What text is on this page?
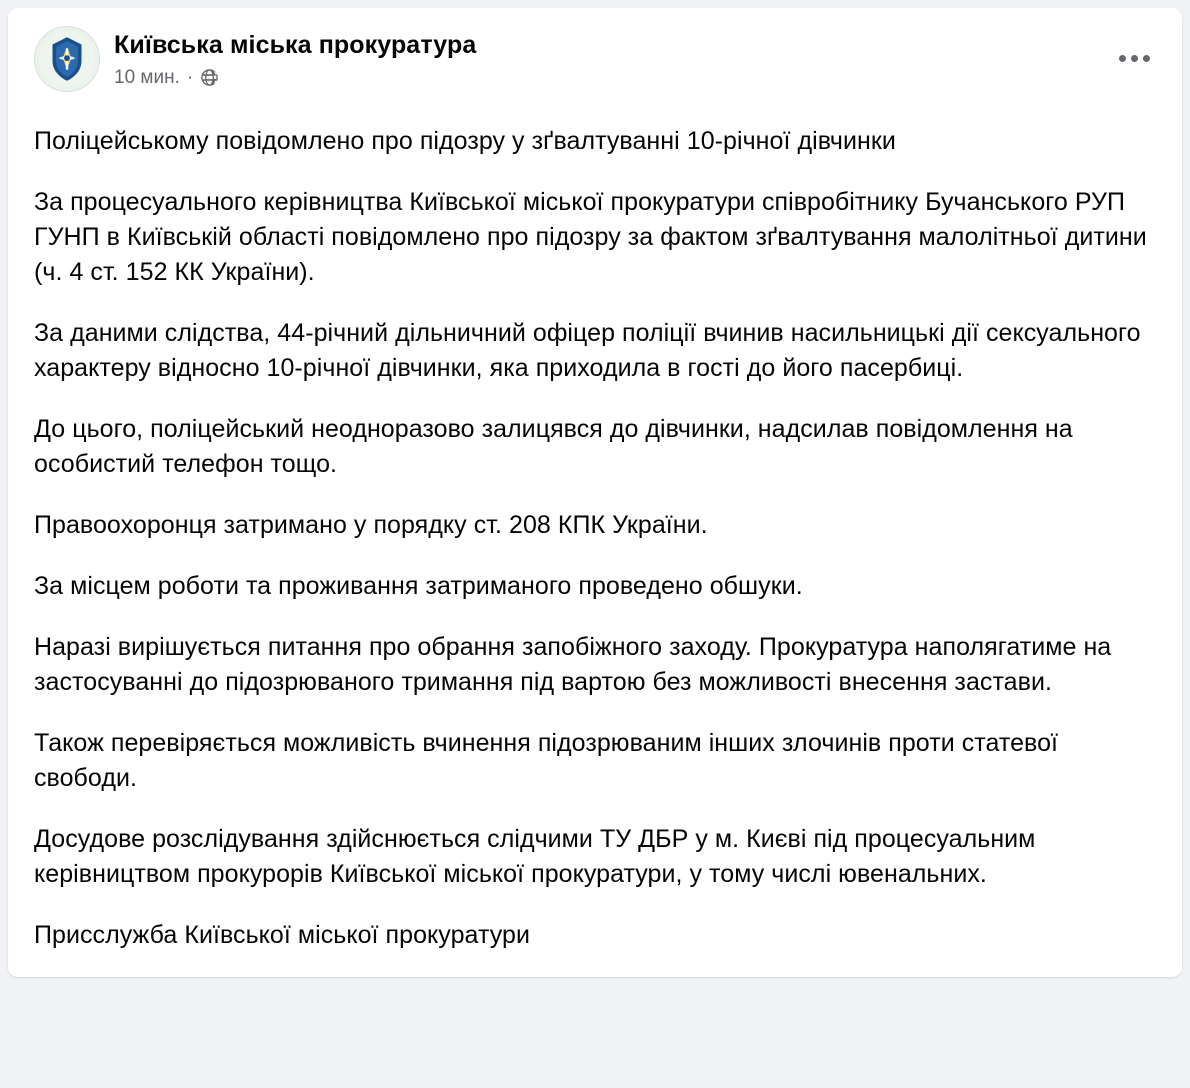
Київська міська прокуратура
10 мин. ·

Поліцейському повідомлено про підозру у зґвалтуванні 10-річної дівчинки

За процесуального керівництва Київської міської прокуратури співробітнику Бучанського РУП ГУНП в Київській області повідомлено про підозру за фактом зґвалтування малолітньої дитини (ч. 4 ст. 152 КК України).

За даними слідства, 44-річний дільничний офіцер поліції вчинив насильницькі дії сексуального характеру відносно 10-річної дівчинки, яка приходила в гості до його пасербиці.

До цього, поліцейський неодноразово залицявся до дівчинки, надсилав повідомлення на особистий телефон тощо.

Правоохоронця затримано у порядку ст. 208 КПК України.

За місцем роботи та проживання затриманого проведено обшуки.

Наразі вирішується питання про обрання запобіжного заходу. Прокуратура наполягатиме на застосуванні до підозрюваного тримання під вартою без можливості внесення застави.

Також перевіряється можливість вчинення підозрюваним інших злочинів проти статевої свободи.

Досудове розслідування здійснюється слідчими ТУ ДБР у м. Києві під процесуальним керівництвом прокурорів Київської міської прокуратури, у тому числі ювенальних.

Присслужба Київської міської прокуратури
